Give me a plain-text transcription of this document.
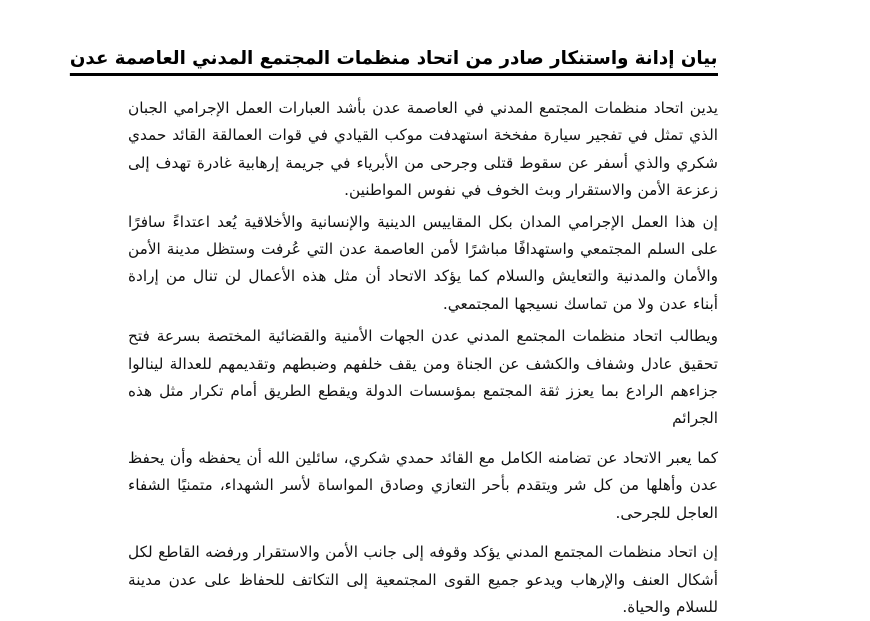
بيان إدانة واستنكار صادر من اتحاد منظمات المجتمع المدني العاصمة عدن

يدين اتحاد منظمات المجتمع المدني في العاصمة عدن بأشد العبارات العمل الإجرامي الجبان الذي تمثل في تفجير سيارة مفخخة استهدفت موكب القيادي في قوات العمالقة القائد حمدي شكري والذي أسفر عن سقوط قتلى وجرحى من الأبرياء في جريمة إرهابية غادرة تهدف إلى زعزعة الأمن والاستقرار وبث الخوف في نفوس المواطنين.

إن هذا العمل الإجرامي المدان بكل المقاييس الدينية والإنسانية والأخلاقية يُعد اعتداءً سافرًا على السلم المجتمعي واستهدافًا مباشرًا لأمن العاصمة عدن التي عُرفت وستظل مدينة الأمن والأمان والمدنية والتعايش والسلام كما يؤكد الاتحاد أن مثل هذه الأعمال لن تنال من إرادة أبناء عدن ولا من تماسك نسيجها المجتمعي.

ويطالب اتحاد منظمات المجتمع المدني عدن الجهات الأمنية والقضائية المختصة بسرعة فتح تحقيق عادل وشفاف والكشف عن الجناة ومن يقف خلفهم وضبطهم وتقديمهم للعدالة لينالوا جزاءهم الرادع بما يعزز ثقة المجتمع بمؤسسات الدولة ويقطع الطريق أمام تكرار مثل هذه الجرائم

كما يعبر الاتحاد عن تضامنه الكامل مع القائد حمدي شكري، سائلين الله أن يحفظه وأن يحفظ عدن وأهلها من كل شر ويتقدم بأحر التعازي وصادق المواساة لأسر الشهداء، متمنيًا الشفاء العاجل للجرحى.

إن اتحاد منظمات المجتمع المدني يؤكد وقوفه إلى جانب الأمن والاستقرار ورفضه القاطع لكل أشكال العنف والإرهاب ويدعو جميع القوى المجتمعية إلى التكاتف للحفاظ على عدن مدينة للسلام والحياة.
